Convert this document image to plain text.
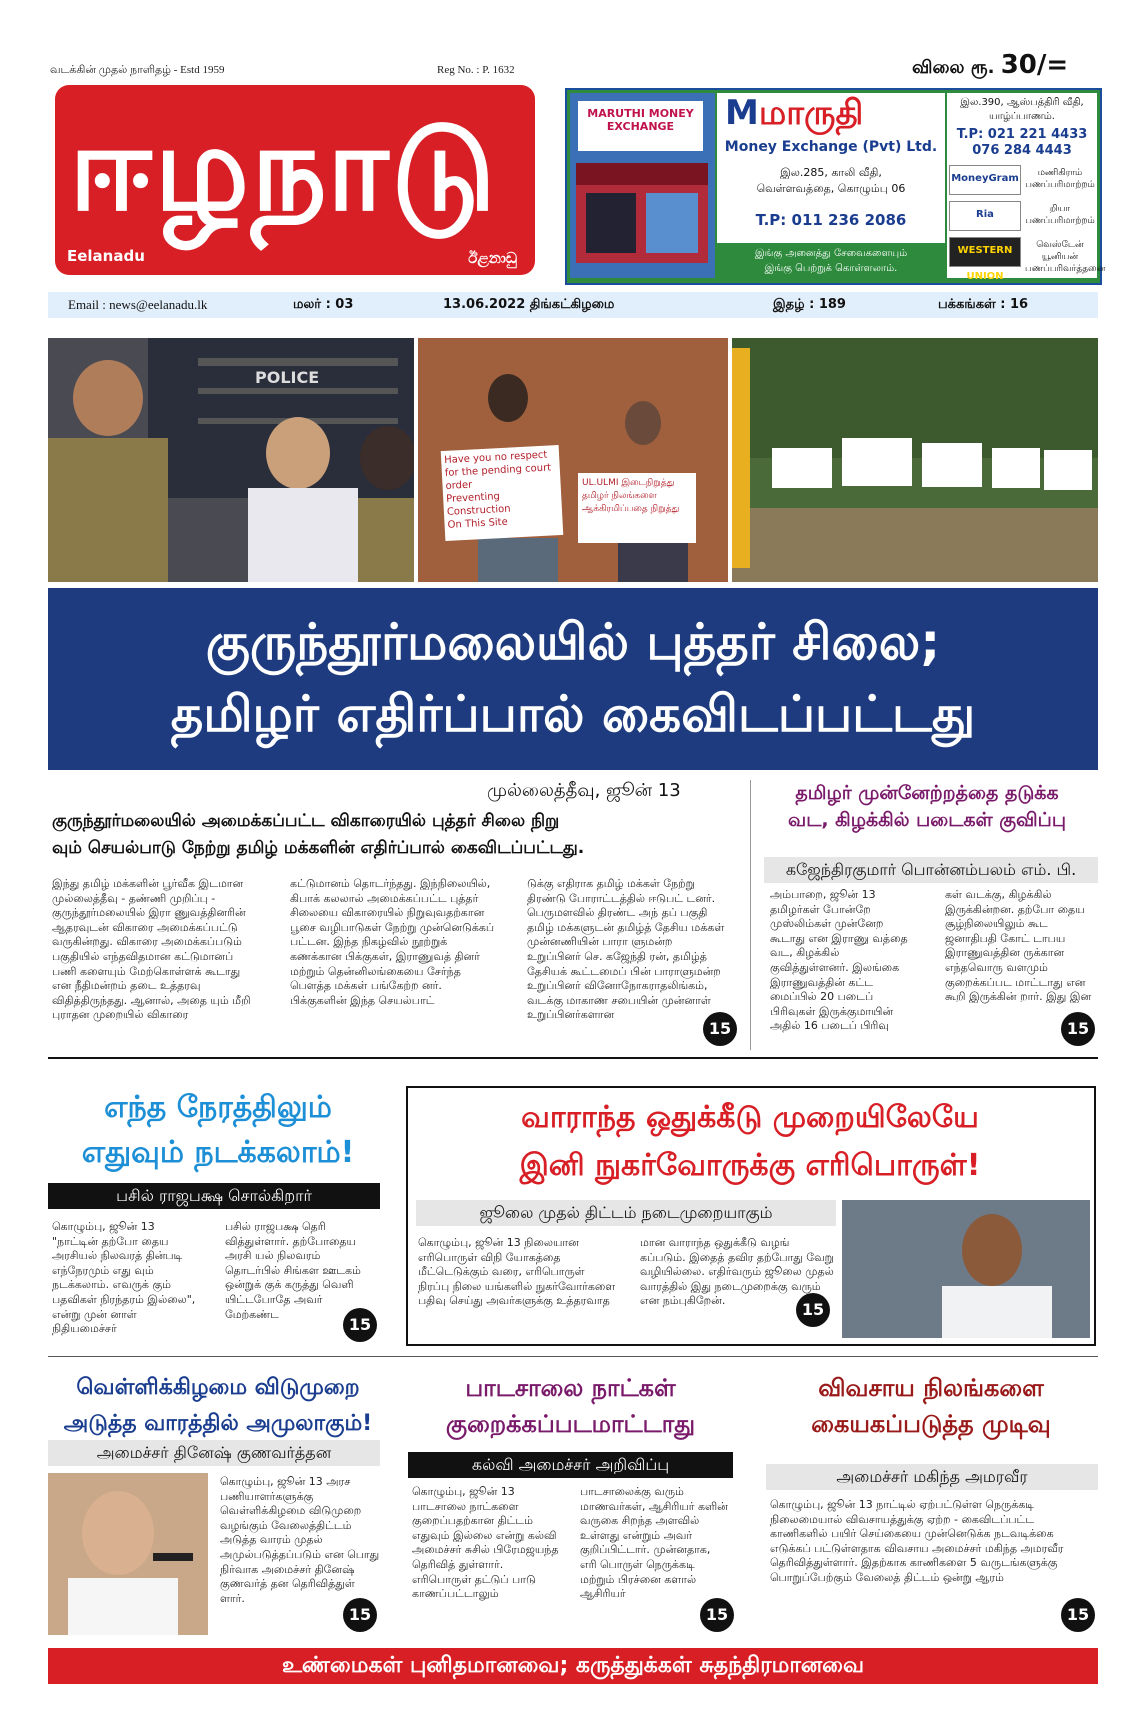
வடக்கின் முதல் நாளிதழ் - Estd 1959	Reg No. : P. 1632	விலை ரூ. 30/=
ஈழநாடு
Eelanadu	ඊළනාඩු
MARUTHI MONEY EXCHANGE	Mமாருதி
Money Exchange (Pvt) Ltd.
இல.285, காலி வீதி,
வெள்ளவத்தை, கொழும்பு 06
T.P: 011 236 2086
இங்கு அனைத்து சேவைகளையும்
இங்கு பெற்றுக் கொள்ளலாம்.
இல.390, ஆஸ்பத்திரி வீதி,
யாழ்ப்பாணம்.
T.P: 021 221 4433
076 284 4443
MoneyGram	மணிகிராம் பணப்பரிமாற்றம்
Ria	றியா பணப்பரிமாற்றம்
WESTERN UNION
வெஸ்டேன் யூனியன் பணப்பரிவர்த்தனை
Email : news@eelanadu.lk	மலர் : 03	13.06.2022 திங்கட்கிழமை	இதழ் : 189	பக்கங்கள் : 16
POLICE
Have you no respect
for the pending court
order
Preventing Construction
On This Site
UL.ULMI இடைநிறுத்து
தமிழர் நிலங்களை
ஆக்கிரமிப்பதை நிறுத்து
குருந்தூர்மலையில் புத்தர் சிலை;
தமிழர் எதிர்ப்பால் கைவிடப்பட்டது
முல்லைத்தீவு, ஜூன் 13
குருந்தூர்மலையில் அமைக்கப்பட்ட விகாரையில் புத்தர் சிலை நிறு
வும் செயல்பாடு நேற்று தமிழ் மக்களின் எதிர்ப்பால் கைவிடப்பட்டது.
இந்து தமிழ் மக்களின் பூர்வீக இடமான முல்லைத்தீவு - தண்ணி முறிப்பு - குருந்தூர்மலையில் இரா ணுவத்தினரின் ஆதரவுடன் விகாரை அமைக்கப்பட்டு வருகின்றது. விகாரை அமைக்கப்படும் பகுதியில் எந்தவிதமான கட்டுமானப் பணி களையும் மேற்கொள்ளக் கூடாது என நீதிமன்றம் தடை உத்தரவு விதித்திருந்தது. ஆனால், அதை யும் மீறி புராதன முறையில் விகாரை
கட்டுமானம் தொடர்ந்தது. இந்நிலையில், கிபாக் கலலால் அமைக்கப்பட்ட புத்தர் சிலையை விகாரையில் நிறுவுவதற்கான பூசை வழிபாடுகள் நேற்று முன்னெடுக்கப் பட்டன. இந்த நிகழ்வில் நூற்றுக் கணக்கான பிக்குகள், இராணுவத் தினர் மற்றும் தென்னிலங்கையை சேர்ந்த பௌத்த மக்கள் பங்கேற்ற னர். பிக்குகளின் இந்த செயல்பாட்
டுக்கு எதிராக தமிழ் மக்கள் நேற்று திரண்டு போராட்டத்தில் ஈடுபட் டனர். பெருமளவில் திரண்ட அந் தப் பகுதி தமிழ் மக்களுடன் தமிழ்த் தேசிய மக்கள் முன்னணியின் பாரா ளுமன்ற உறுப்பினர் செ. கஜேந்தி ரன், தமிழ்த் தேசியக் கூட்டமைப் பின் பாராளுமன்ற உறுப்பினர் வினோநோகராதலிங்கம், வடக்கு மாகாண சபையின் முன்னாள் உறுப்பினர்களான
15
தமிழர் முன்னேற்றத்தை தடுக்க
வட, கிழக்கில் படைகள் குவிப்பு
கஜேந்திரகுமார் பொன்னம்பலம் எம். பி.
அம்பாறை, ஜூன் 13 தமிழர்கள் போன்றே முஸ்லிம்கள் முன்னேற கூடாது என இராணு வத்தை வட, கிழக்கில் குவித்துள்ளனர். இலங்கை இராணுவத்தின் கட்ட மைப்பில் 20 படைப் பிரிவுகள் இருக்குமாயின் அதில் 16 படைப் பிரிவு
கள் வடக்கு, கிழக்கில் இருக்கின்றன. தற்போ தைய சூழ்நிலையிலும் கூட ஜனாதிபதி கோட் டாபய இராணுவத்தின ருக்கான எந்தவொரு வளமும் குறைக்கப்பட மாட்டாது என கூறி இருக்கின் றார். இது இன
15
எந்த நேரத்திலும்
எதுவும் நடக்கலாம்!
பசில் ராஜபக்ஷ சொல்கிறார்
கொழும்பு, ஜூன் 13 "நாட்டின் தற்போ தைய அரசியல் நிலவரத் தின்படி எந்நேரமும் எது வும் நடக்கலாம். எவருக் கும் பதவிகள் நிரந்தரம் இல்லை", என்று முன் னாள் நிதியமைச்சர்
பசில் ராஜபக்ஷ தெரி வித்துள்ளார். தற்போதைய அரசி யல் நிலவரம் தொடர்பில் சிங்கள ஊடகம் ஒன்றுக் குக் கருத்து வெளி யிட்டபோதே அவர் மேற்கண்ட
15
வாராந்த ஒதுக்கீடு முறையிலேயே
இனி நுகர்வோருக்கு எரிபொருள்!
ஜூலை முதல் திட்டம் நடைமுறையாகும்
கொழும்பு, ஜூன் 13 நிலையான எரிபொருள் விநி யோகத்தை மீட்டெடுக்கும் வரை, எரிபொருள் நிரப்பு நிலை யங்களில் நுகர்வோர்களை பதிவு செய்து அவர்களுக்கு உத்தரவாத
மான வாராந்த ஒதுக்கீடு வழங் கப்படும். இதைத் தவிர தற்போது வேறு வழியில்லை. எதிர்வரும் ஜூலை முதல் வாரத்தில் இது நடைமுறைக்கு வரும் என நம்புகிறேன்.	15
வெள்ளிக்கிழமை விடுமுறை
அடுத்த வாரத்தில் அமுலாகும்!
அமைச்சர் தினேஷ் குணவர்த்தன
கொழும்பு, ஜூன் 13 அரச பணியாளர்களுக்கு வெள்ளிக்கிழமை விடுமுறை வழங்கும் வேலைத்திட்டம் அடுத்த வாரம் முதல் அமுல்படுத்தப்படும் என பொது நிர்வாக அமைச்சர் தினேஷ் குணவர்த் தன தெரிவித்துள் ளார்.
15
பாடசாலை நாட்கள்
குறைக்கப்படமாட்டாது
கல்வி அமைச்சர் அறிவிப்பு
கொழும்பு, ஜூன் 13 பாடசாலை நாட்களை குறைப்பதற்கான திட்டம் எதுவும் இல்லை என்று கல்வி அமைச்சர் சுசில் பிரேமஜயந்த தெரிவித் துள்ளார். எரிபொருள் தட்டுப் பாடு காணப்பட்டாலும்
பாடசாலைக்கு வரும் மாணவர்கள், ஆசிரியர் களின் வருகை சிறந்த அளவில் உள்ளது என்றும் அவர் குறிப்பிட்டார். முன்னதாக, எரி பொருள் நெருக்கடி மற்றும் பிரச்னை களால் ஆசிரியர்
15
விவசாய நிலங்களை
கையகப்படுத்த முடிவு
அமைச்சர் மகிந்த அமரவீர
கொழும்பு, ஜூன் 13 நாட்டில் ஏற்பட்டுள்ள நெருக்கடி நிலைமையால் விவசாயத்துக்கு ஏற்ற - கைவிடப்பட்ட காணிகளில் பயிர் செய்கையை முன்னெடுக்க நடவடிக்கை எடுக்கப் பட்டுள்ளதாக விவசாய அமைச்சர் மகிந்த அமரவீர தெரிவித்துள்ளார். இதற்காக காணிகளை 5 வருடங்களுக்கு பொறுப்பேற்கும் வேலைத் திட்டம் ஒன்று ஆரம்
15
உண்மைகள் புனிதமானவை; கருத்துக்கள் சுதந்திரமானவை
